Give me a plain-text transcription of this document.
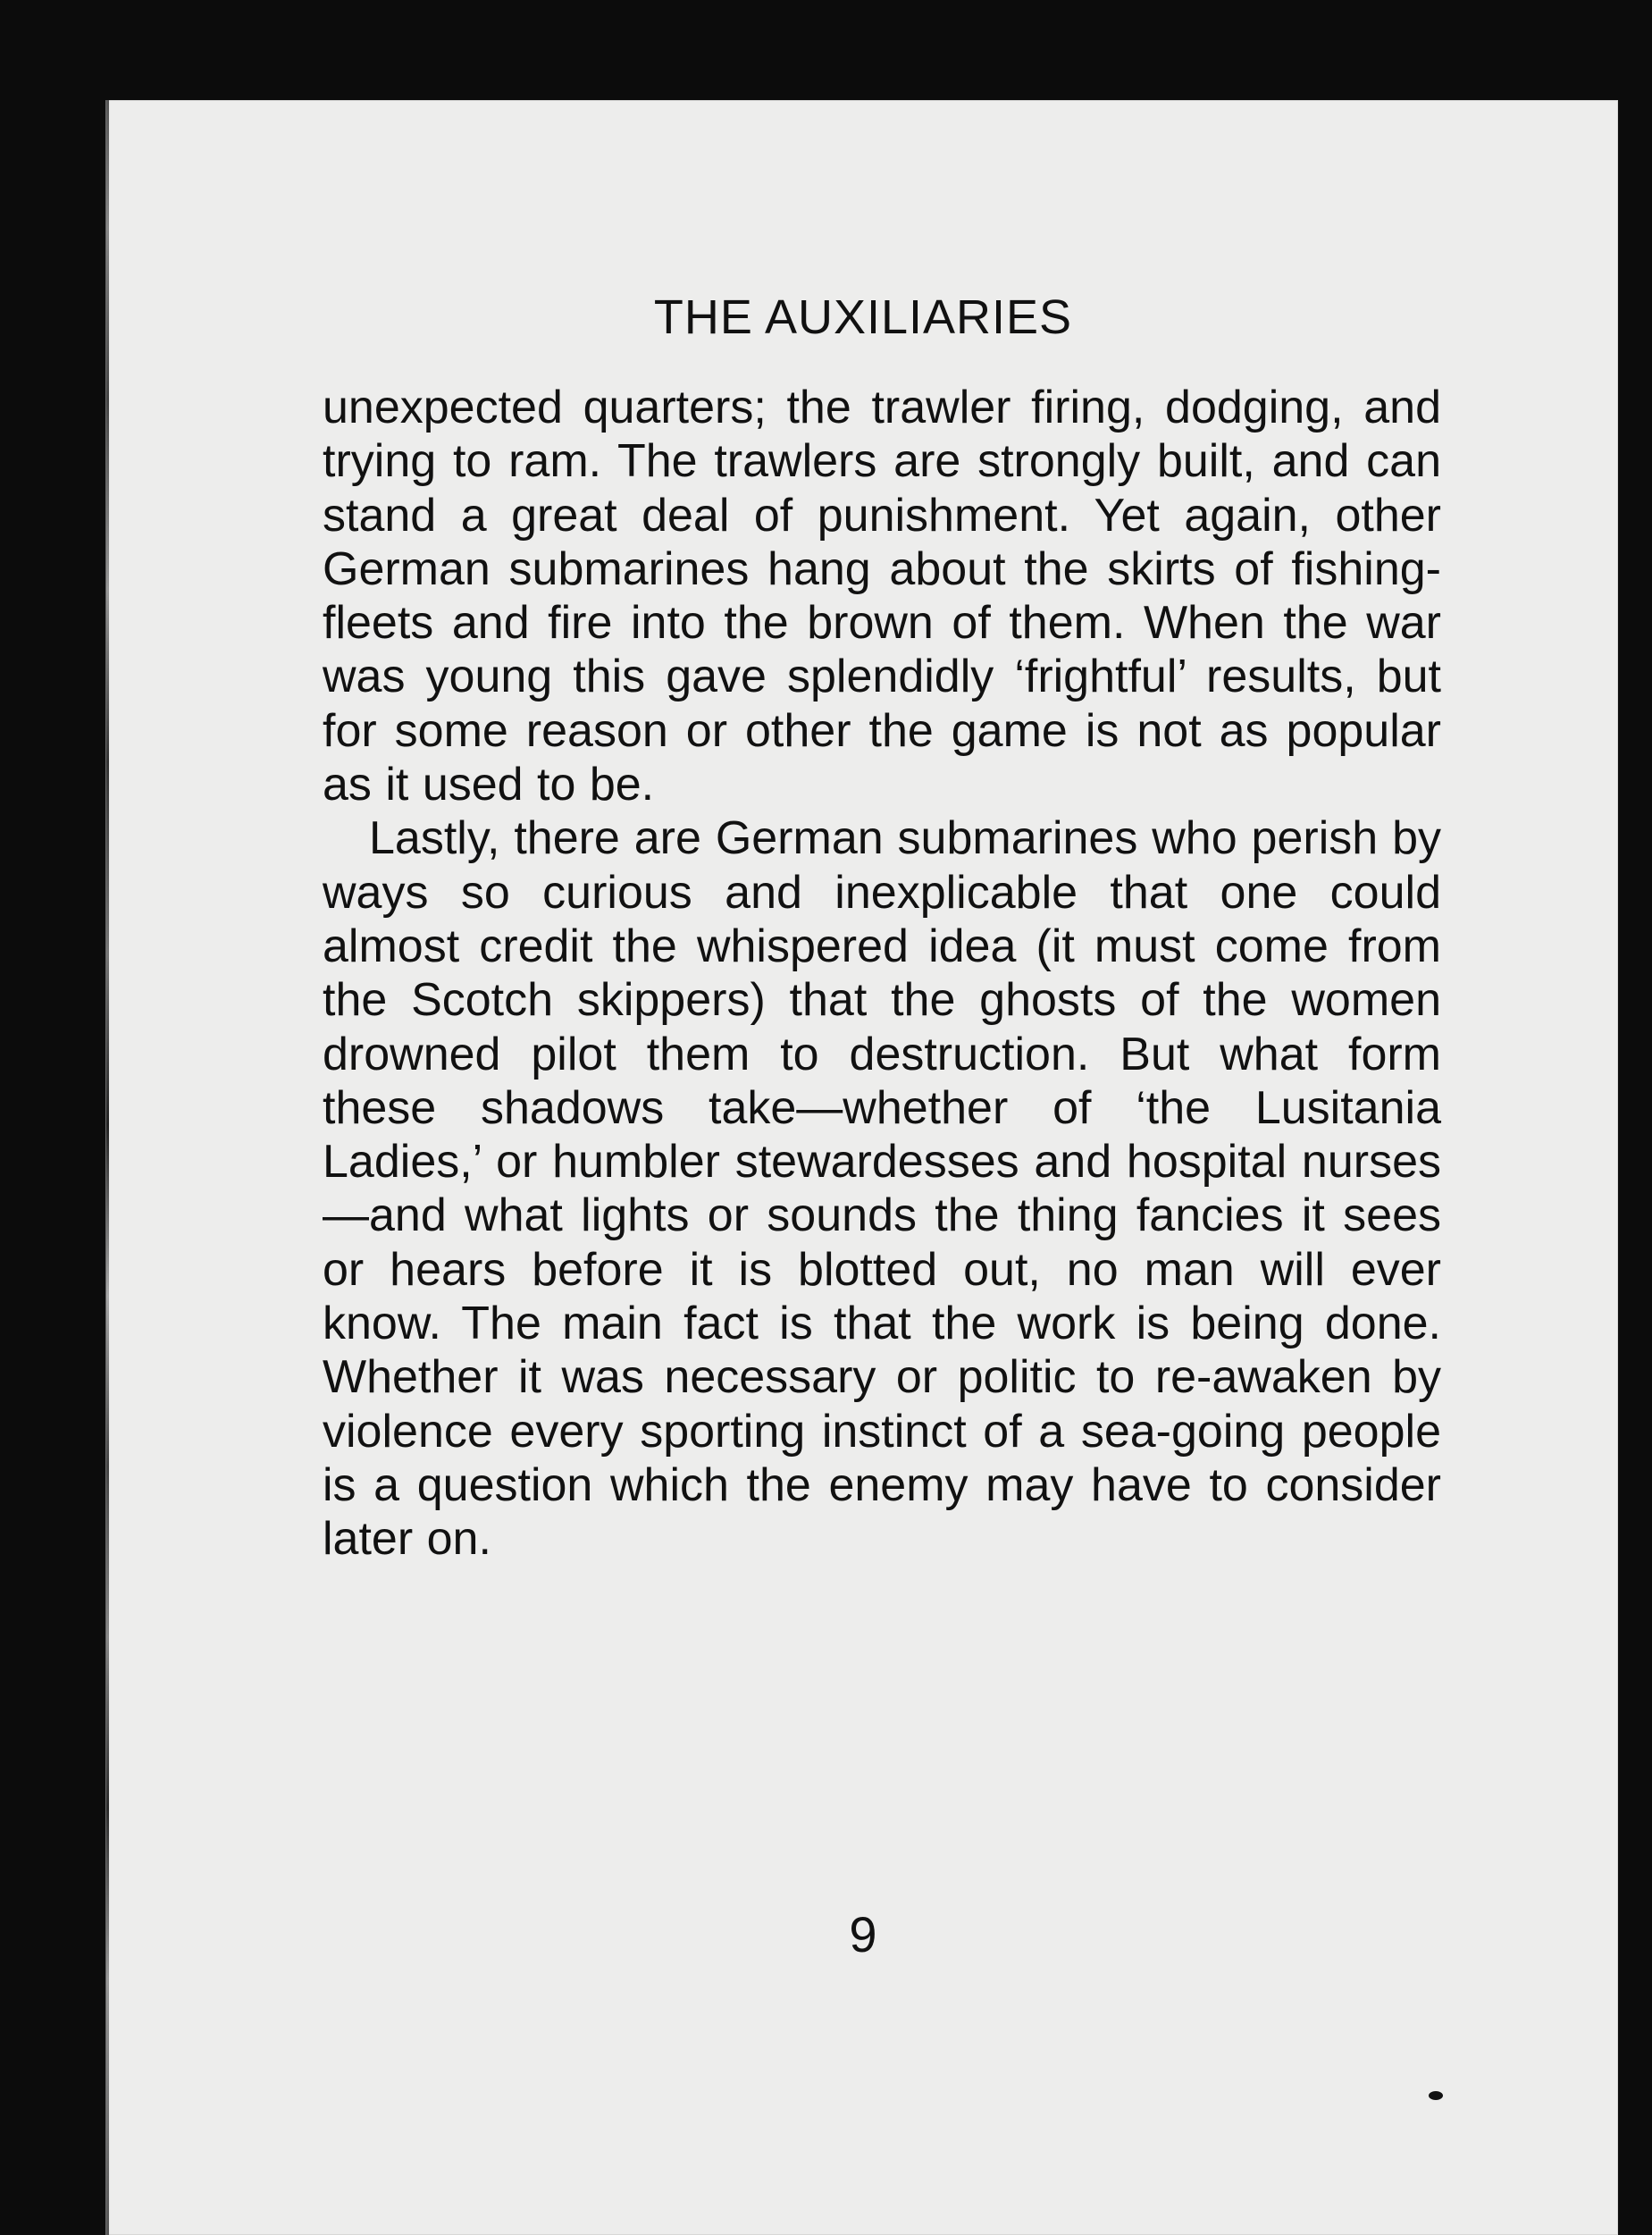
THE AUXILIARIES

unexpected quarters; the trawler firing, dodging, and trying to ram. The trawlers are strongly built, and can stand a great deal of punishment. Yet again, other German submarines hang about the skirts of fishing-fleets and fire into the brown of them. When the war was young this gave splendidly ‘frightful’ results, but for some reason or other the game is not as popular as it used to be.

Lastly, there are German submarines who perish by ways so curious and inexplicable that one could almost credit the whispered idea (it must come from the Scotch skippers) that the ghosts of the women drowned pilot them to destruction. But what form these shadows take—whether of ‘the Lusitania Ladies,’ or humbler stewardesses and hospital nurses—and what lights or sounds the thing fancies it sees or hears before it is blotted out, no man will ever know. The main fact is that the work is being done. Whether it was necessary or politic to re-awaken by violence every sporting instinct of a sea-going people is a question which the enemy may have to consider later on.

9
